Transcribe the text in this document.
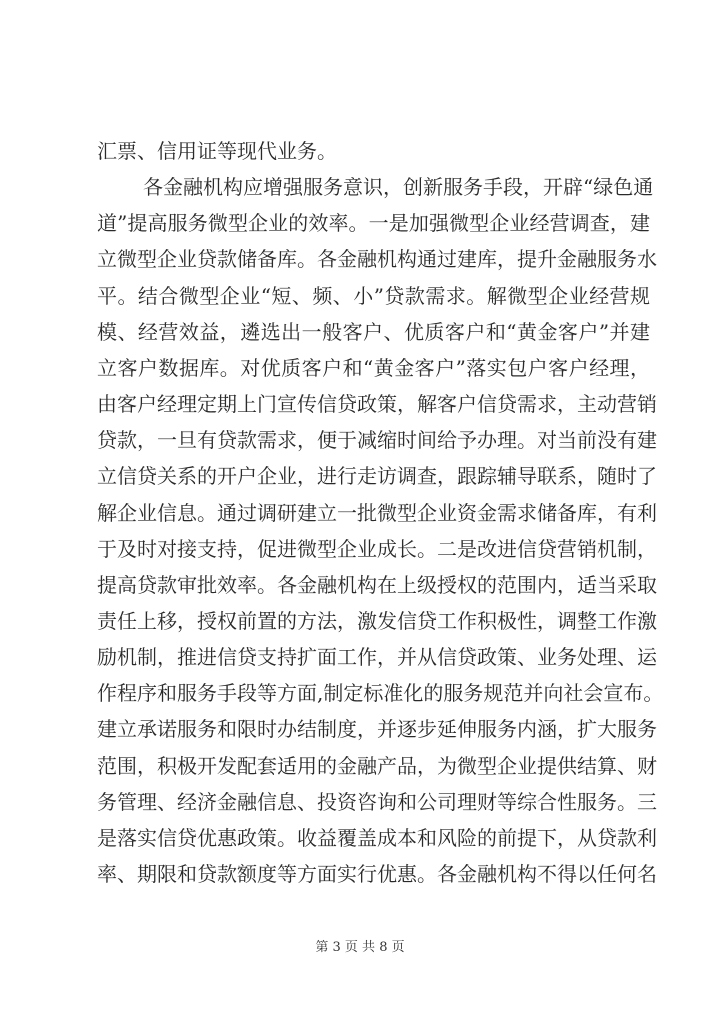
汇票、信用证等现代业务。
各金融机构应增强服务意识，创新服务手段，开辟“绿色通
道”提高服务微型企业的效率。一是加强微型企业经营调查，建
立微型企业贷款储备库。各金融机构通过建库，提升金融服务水
平。结合微型企业“短、频、小”贷款需求。解微型企业经营规
模、经营效益，遴选出一般客户、优质客户和“黄金客户”并建
立客户数据库。对优质客户和“黄金客户”落实包户客户经理，
由客户经理定期上门宣传信贷政策，解客户信贷需求，主动营销
贷款，一旦有贷款需求，便于减缩时间给予办理。对当前没有建
立信贷关系的开户企业，进行走访调查，跟踪辅导联系，随时了
解企业信息。通过调研建立一批微型企业资金需求储备库，有利
于及时对接支持，促进微型企业成长。二是改进信贷营销机制，
提高贷款审批效率。各金融机构在上级授权的范围内，适当采取
责任上移，授权前置的方法，激发信贷工作积极性，调整工作激
励机制，推进信贷支持扩面工作，并从信贷政策、业务处理、运
作程序和服务手段等方面,制定标准化的服务规范并向社会宣布。
建立承诺服务和限时办结制度，并逐步延伸服务内涵，扩大服务
范围，积极开发配套适用的金融产品，为微型企业提供结算、财
务管理、经济金融信息、投资咨询和公司理财等综合性服务。三
是落实信贷优惠政策。收益覆盖成本和风险的前提下，从贷款利
率、期限和贷款额度等方面实行优惠。各金融机构不得以任何名
第 3 页 共 8 页
